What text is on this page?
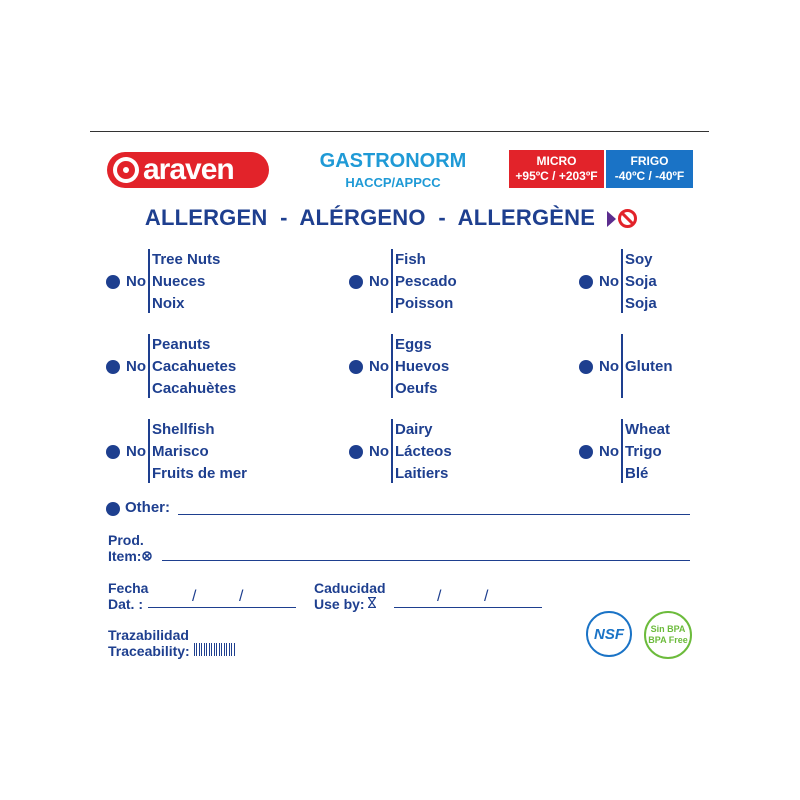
araven	GASTRONORM
HACCP/APPCC
MICRO
+95ºC / +203ºF
FRIGO
-40ºC / -40ºF
ALLERGEN  -  ALÉRGENO  -  ALLERGÈNE
No
Tree Nuts
Nueces
Noix
No
Fish
Pescado
Poisson
No
Soy
Soja
Soja
No
Peanuts
Cacahuetes
Cacahuètes
No
Eggs
Huevos
Oeufs
No Gluten
No
Shellfish
Marisco
Fruits de mer
No
Dairy
Lácteos
Laitiers
No
Wheat
Trigo
Blé
Other:
Prod.
Item:
Fecha
Dat. :	/	/	Caducidad
Use by:	/	/
Trazabilidad
Traceability:
NSF	Sin BPA
BPA Free
